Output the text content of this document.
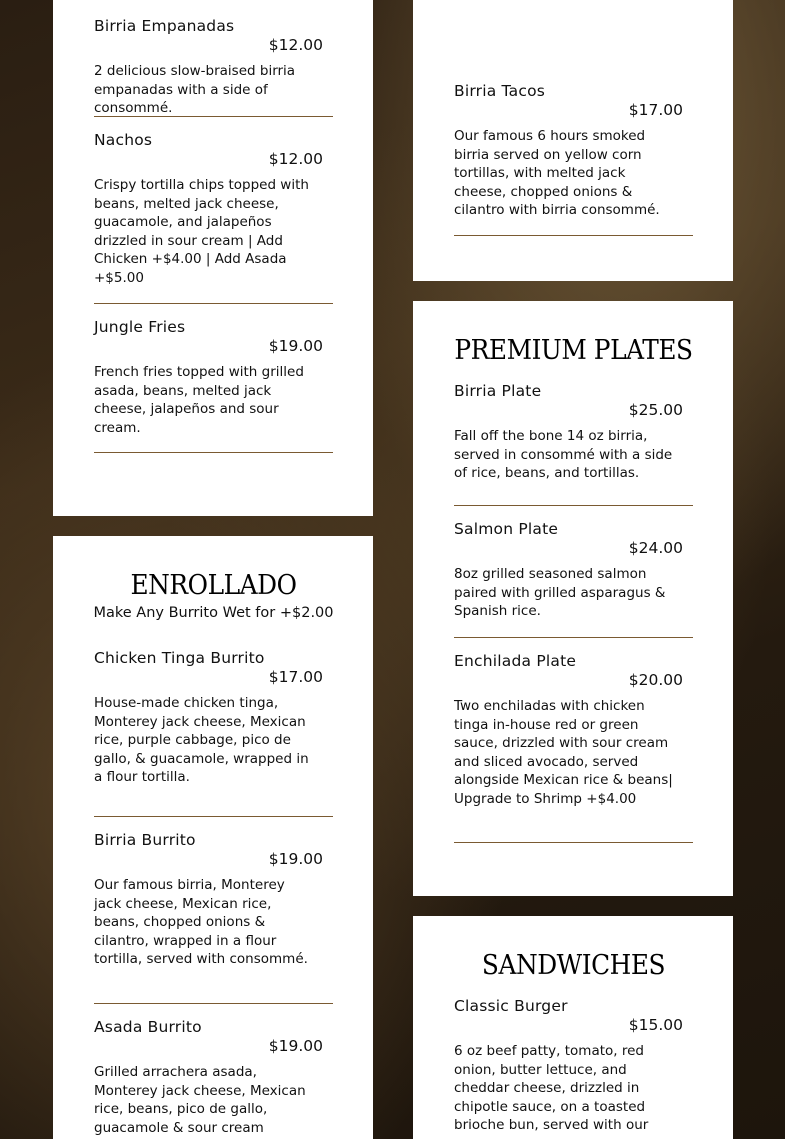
Birria Empanadas
$12.00
2 delicious slow-braised birria empanadas with a side of consommé.
Nachos
$12.00
Crispy tortilla chips topped with beans, melted jack cheese, guacamole, and jalapeños drizzled in sour cream | Add Chicken +$4.00 | Add Asada +$5.00
Jungle Fries
$19.00
French fries topped with grilled asada, beans, melted jack cheese, jalapeños and sour cream.
ENROLLADO
Make Any Burrito Wet for +$2.00
Chicken Tinga Burrito
$17.00
House-made chicken tinga, Monterey jack cheese, Mexican rice, purple cabbage, pico de gallo, & guacamole, wrapped in a flour tortilla.
Birria Burrito
$19.00
Our famous birria, Monterey jack cheese, Mexican rice, beans, chopped onions & cilantro, wrapped in a flour tortilla, served with consommé.
Asada Burrito
$19.00
Grilled arrachera asada, Monterey jack cheese, Mexican rice, beans, pico de gallo, guacamole & sour cream
Birria Tacos
$17.00
Our famous 6 hours smoked birria served on yellow corn tortillas, with melted jack cheese, chopped onions & cilantro with birria consommé.
PREMIUM PLATES
Birria Plate
$25.00
Fall off the bone 14 oz birria, served in consommé with a side of rice, beans, and tortillas.
Salmon Plate
$24.00
8oz grilled seasoned salmon paired with grilled asparagus & Spanish rice.
Enchilada Plate
$20.00
Two enchiladas with chicken tinga in-house red or green sauce, drizzled with sour cream and sliced avocado, served alongside Mexican rice & beans| Upgrade to Shrimp +$4.00
SANDWICHES
Classic Burger
$15.00
6 oz beef patty, tomato, red onion, butter lettuce, and cheddar cheese, drizzled in chipotle sauce, on a toasted brioche bun, served with our
